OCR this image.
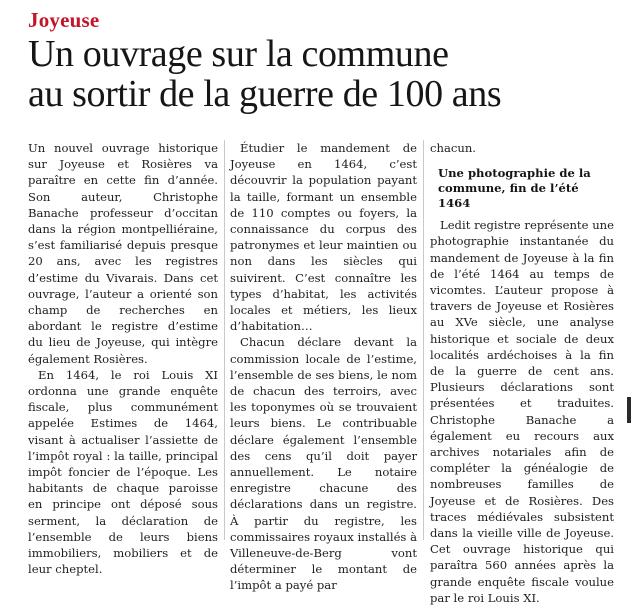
Joyeuse
Un ouvrage sur la commune
au sortir de la guerre de 100 ans

Un nouvel ouvrage historique sur Joyeuse et Rosières va paraître en cette fin d’année. Son auteur, Christophe Banache professeur d’occitan dans la région montpelliéraine, s’est familiarisé depuis presque 20 ans, avec les registres d’estime du Vivarais. Dans cet ouvrage, l’auteur a orienté son champ de recherches en abordant le registre d’estime du lieu de Joyeuse, qui intègre également Rosières.

En 1464, le roi Louis XI ordonna une grande enquête fiscale, plus communément appelée Estimes de 1464, visant à actualiser l’assiette de l’impôt royal : la taille, principal impôt foncier de l’époque. Les habitants de chaque paroisse en principe ont déposé sous serment, la déclaration de l’ensemble de leurs biens immobiliers, mobiliers et de leur cheptel.

Étudier le mandement de Joyeuse en 1464, c’est découvrir la population payant la taille, formant un ensemble de 110 comptes ou foyers, la connaissance du corpus des patronymes et leur maintien ou non dans les siècles qui suivirent. C’est connaître les types d’habitat, les activités locales et métiers, les lieux d’habitation…

Chacun déclare devant la commission locale de l’estime, l’ensemble de ses biens, le nom de chacun des terroirs, avec les toponymes où se trouvaient leurs biens. Le contribuable déclare également l’ensemble des cens qu’il doit payer annuellement. Le notaire enregistre chacune des déclarations dans un registre. À partir du registre, les commissaires royaux installés à Villeneuve-de-Berg vont déterminer le montant de l’impôt a payé par

chacun.

Une photographie de la commune, fin de l’été 1464

Ledit registre représente une photographie instantanée du mandement de Joyeuse à la fin de l’été 1464 au temps de vicomtes. L’auteur propose à travers de Joyeuse et Rosières au XVe siècle, une analyse historique et sociale de deux localités ardéchoises à la fin de la guerre de cent ans. Plusieurs déclarations sont présentées et traduites. Christophe Banache a également eu recours aux archives notariales afin de compléter la généalogie de nombreuses familles de Joyeuse et de Rosières. Des traces médiévales subsistent dans la vieille ville de Joyeuse. Cet ouvrage historique qui paraîtra 560 années après la grande enquête fiscale voulue par le roi Louis XI.
